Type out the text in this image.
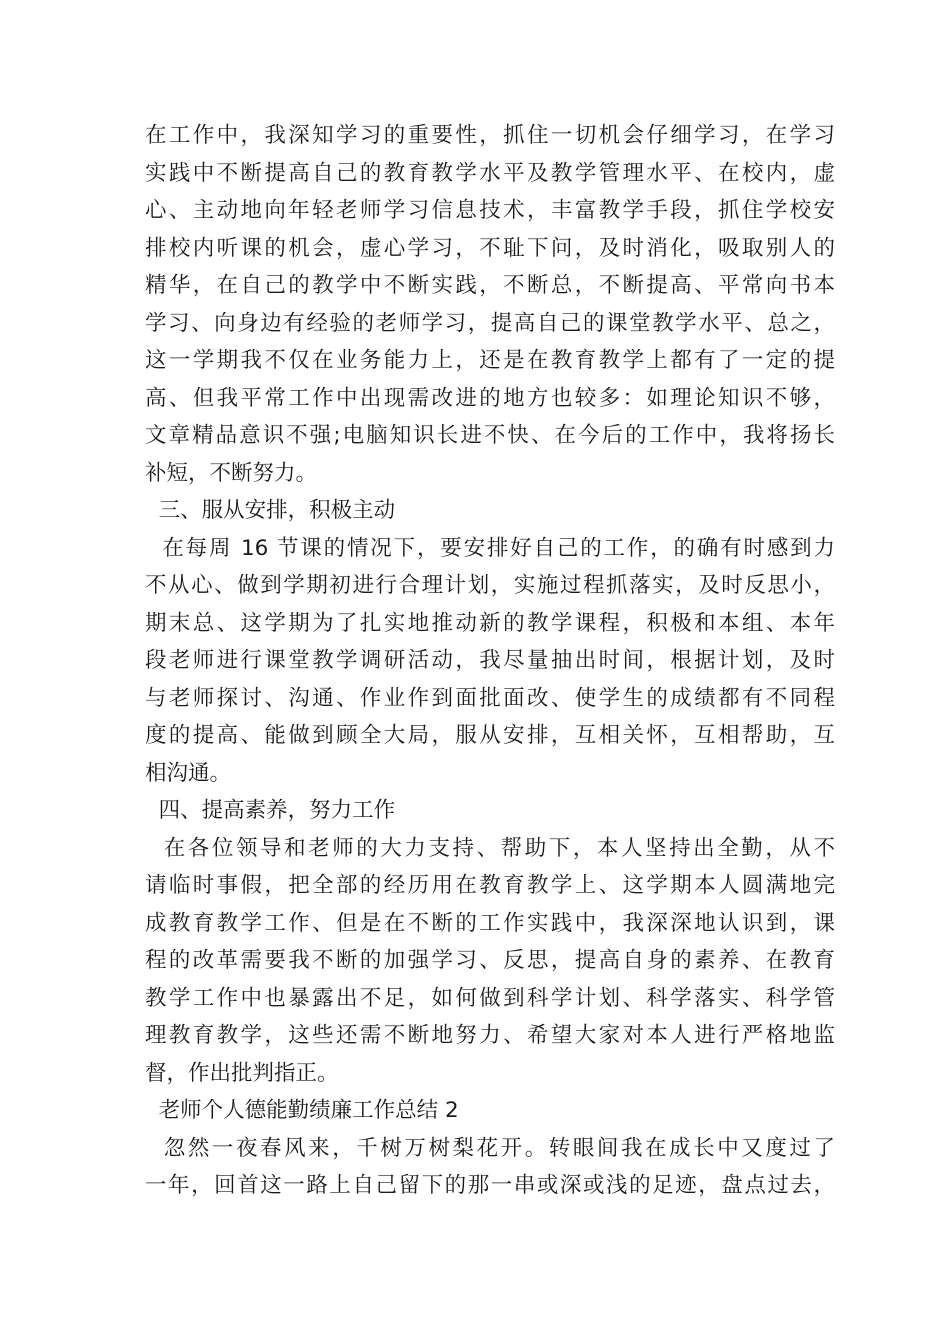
在工作中，我深知学习的重要性，抓住一切机会仔细学习，在学习
实践中不断提高自己的教育教学水平及教学管理水平、在校内，虚
心、主动地向年轻老师学习信息技术，丰富教学手段，抓住学校安
排校内听课的机会，虚心学习，不耻下问，及时消化，吸取别人的
精华，在自己的教学中不断实践，不断总，不断提高、平常向书本
学习、向身边有经验的老师学习，提高自己的课堂教学水平、总之，
这一学期我不仅在业务能力上，还是在教育教学上都有了一定的提
高、但我平常工作中出现需改进的地方也较多：如理论知识不够，
文章精品意识不强;电脑知识长进不快、在今后的工作中，我将扬长
补短，不断努力。
三、服从安排，积极主动
在每周 16 节课的情况下，要安排好自己的工作，的确有时感到力
不从心、做到学期初进行合理计划，实施过程抓落实，及时反思小，
期末总、这学期为了扎实地推动新的教学课程，积极和本组、本年
段老师进行课堂教学调研活动，我尽量抽出时间，根据计划，及时
与老师探讨、沟通、作业作到面批面改、使学生的成绩都有不同程
度的提高、能做到顾全大局，服从安排，互相关怀，互相帮助，互
相沟通。
四、提高素养，努力工作
在各位领导和老师的大力支持、帮助下，本人坚持出全勤，从不
请临时事假，把全部的经历用在教育教学上、这学期本人圆满地完
成教育教学工作、但是在不断的工作实践中，我深深地认识到，课
程的改革需要我不断的加强学习、反思，提高自身的素养、在教育
教学工作中也暴露出不足，如何做到科学计划、科学落实、科学管
理教育教学，这些还需不断地努力、希望大家对本人进行严格地监
督，作出批判指正。
老师个人德能勤绩廉工作总结 2
忽然一夜春风来，千树万树梨花开。转眼间我在成长中又度过了
一年，回首这一路上自己留下的那一串或深或浅的足迹，盘点过去，
